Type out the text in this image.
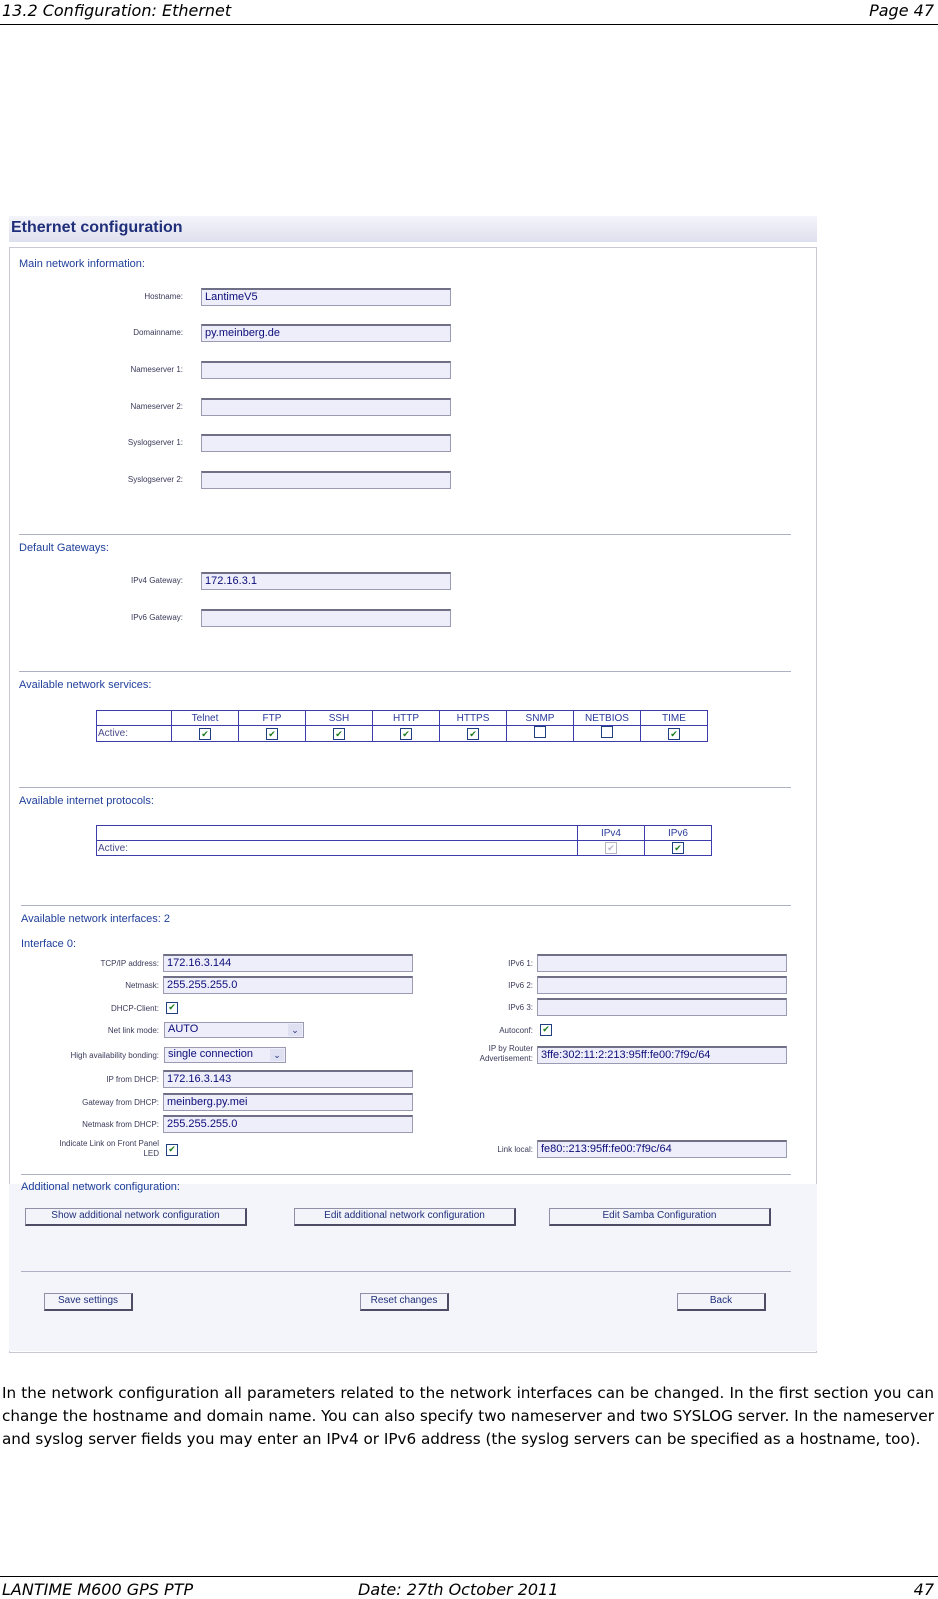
13.2 Configuration: Ethernet	Page 47
Ethernet configuration
Main network information:
Hostname:	LantimeV5
Domainname:	py.meinberg.de
Nameserver 1:
Nameserver 2:
Syslogserver 1:
Syslogserver 2:
Default Gateways:
IPv4 Gateway:	172.16.3.1
IPv6 Gateway:
Available network services:
	Telnet	FTP	SSH	HTTP	HTTPS	SNMP	NETBIOS	TIME
Active:	✔	✔	✔	✔	✔			✔
Available internet protocols:
	IPv4	IPv6
Active:	✔	✔
Available network interfaces: 2
Interface 0:
TCP/IP address: 172.16.3.144
Netmask: 255.255.255.0
DHCP-Client: ✔
Net link mode: AUTO	⌄
High availability bonding: single connection	⌄
IP from DHCP: 172.16.3.143
Gateway from DHCP: meinberg.py.mei
Netmask from DHCP: 255.255.255.0
Indicate Link on Front Panel
LED ✔
IPv6 1:
IPv6 2:
IPv6 3:
Autoconf: ✔
IP by Router
Advertisement: 3ffe:302:11:2:213:95ff:fe00:7f9c/64
Link local: fe80::213:95ff:fe00:7f9c/64
Additional network configuration:
Show additional network configuration	Edit additional network configuration	Edit Samba Configuration
Save settings	Reset changes	Back
In the network configuration all parameters related to the network interfaces can be changed. In the first section you can change the hostname and domain name. You can also specify two nameserver and two SYSLOG server. In the nameserver and syslog server fields you may enter an IPv4 or IPv6 address (the syslog servers can be specified as a hostname, too).
LANTIME M600 GPS PTP	Date: 27th October 2011	47
